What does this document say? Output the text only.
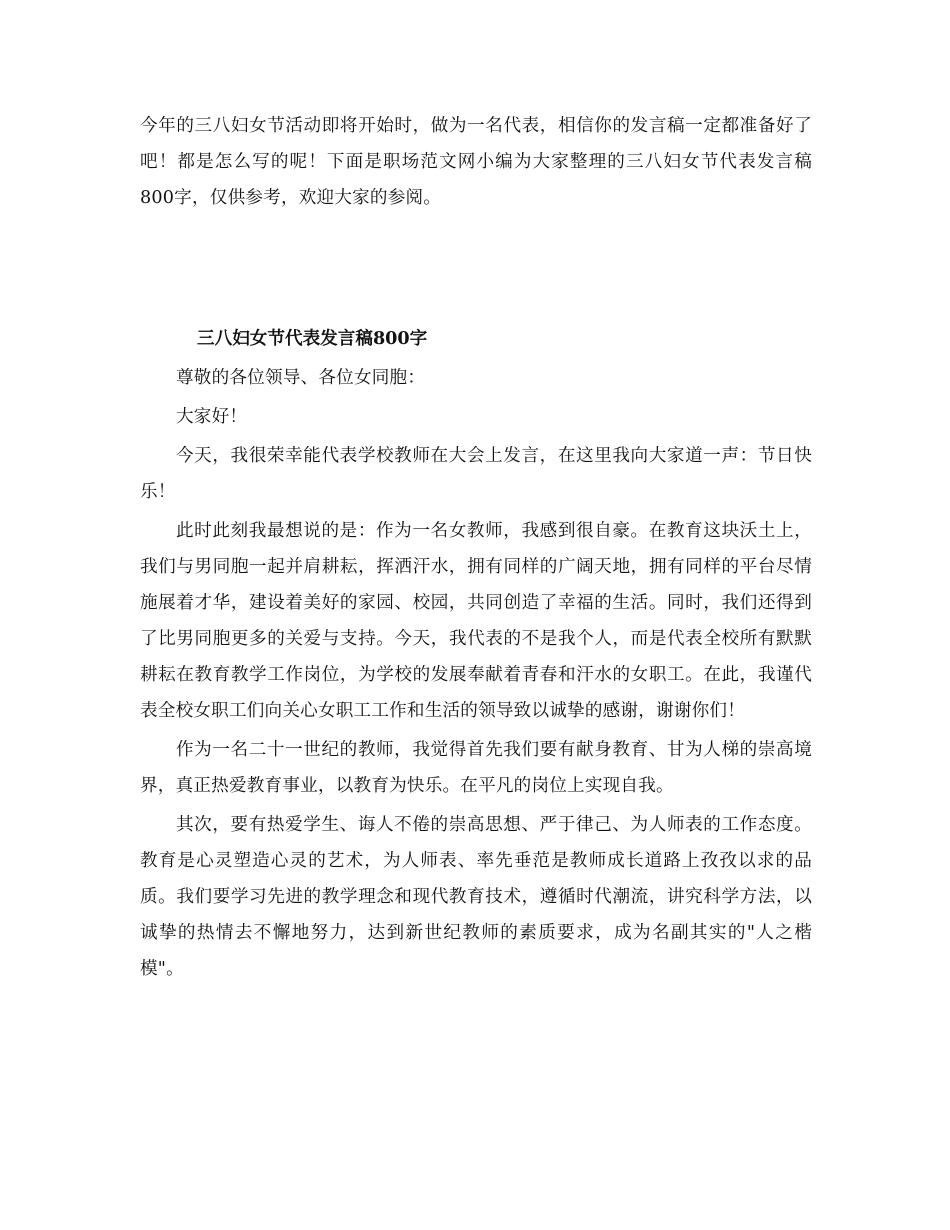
今年的三八妇女节活动即将开始时，做为一名代表，相信你的发言稿一定都准备好了吧！都是怎么写的呢！下面是职场范文网小编为大家整理的三八妇女节代表发言稿800字，仅供参考，欢迎大家的参阅。

三八妇女节代表发言稿800字

尊敬的各位领导、各位女同胞：

大家好！

今天，我很荣幸能代表学校教师在大会上发言，在这里我向大家道一声：节日快乐！

此时此刻我最想说的是：作为一名女教师，我感到很自豪。在教育这块沃土上，我们与男同胞一起并肩耕耘，挥洒汗水，拥有同样的广阔天地，拥有同样的平台尽情施展着才华，建设着美好的家园、校园，共同创造了幸福的生活。同时，我们还得到了比男同胞更多的关爱与支持。今天，我代表的不是我个人，而是代表全校所有默默耕耘在教育教学工作岗位，为学校的发展奉献着青春和汗水的女职工。在此，我谨代表全校女职工们向关心女职工工作和生活的领导致以诚挚的感谢，谢谢你们！

作为一名二十一世纪的教师，我觉得首先我们要有献身教育、甘为人梯的崇高境界，真正热爱教育事业，以教育为快乐。在平凡的岗位上实现自我。

其次，要有热爱学生、诲人不倦的崇高思想、严于律己、为人师表的工作态度。教育是心灵塑造心灵的艺术，为人师表、率先垂范是教师成长道路上孜孜以求的品质。我们要学习先进的教学理念和现代教育技术，遵循时代潮流，讲究科学方法，以诚挚的热情去不懈地努力，达到新世纪教师的素质要求，成为名副其实的"人之楷模"。
